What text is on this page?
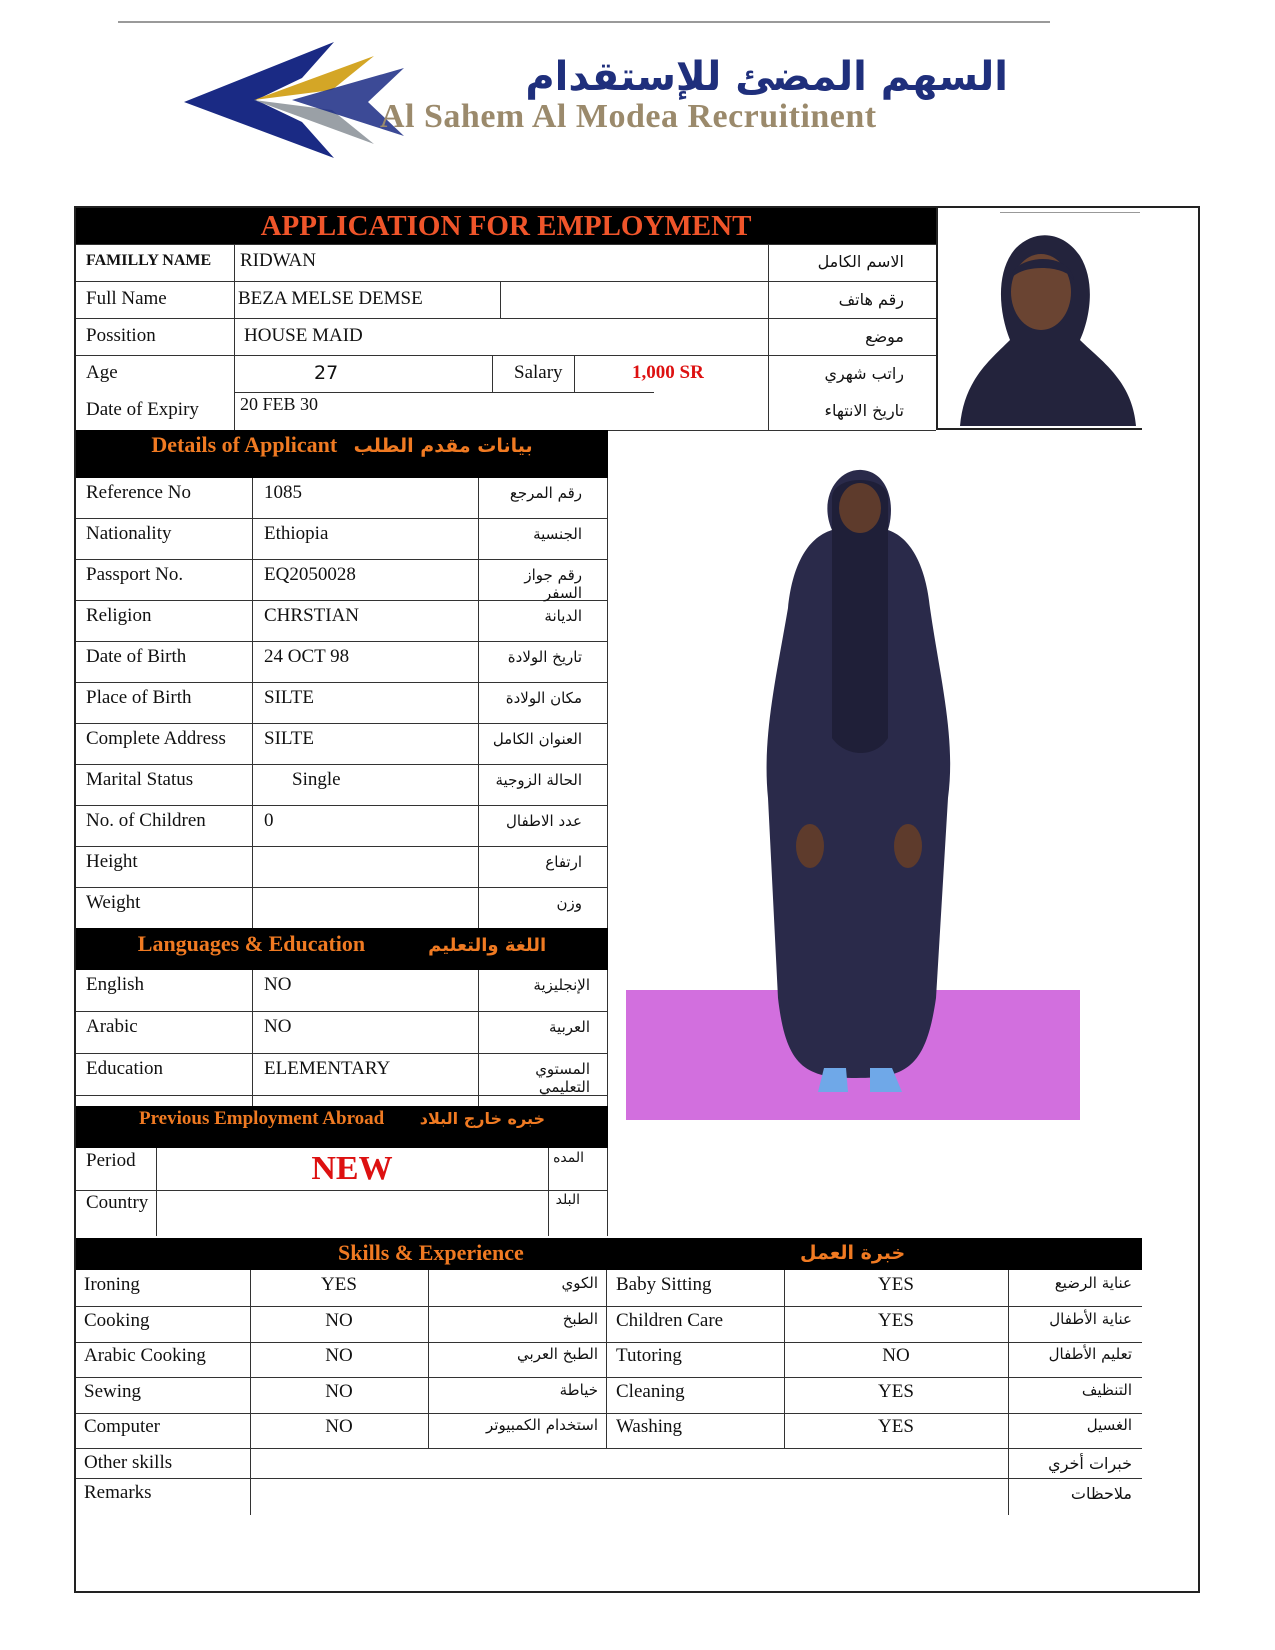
السهم المضئ للإستقدام
Al Sahem Al Modea Recruitinent
APPLICATION FOR EMPLOYMENT
FAMILLY NAME RIDWAN	الاسم الكامل
Full Name	BEZA MELSE DEMSE	رقم هاتف
Possition	HOUSE MAID	موضع
Age	27	Salary	1,000 SR	راتب شهري
Date of Expiry 20 FEB 30	تاريخ الانتهاء
Details of Applicant بيانات مقدم الطلب
Reference No	1085	رقم المرجع
Nationality	Ethiopia	الجنسية
Passport No.	EQ2050028	رقم جواز السفر
Religion	CHRSTIAN	الديانة
Date of Birth	24 OCT 98	تاريخ الولادة
Place of Birth	SILTE	مكان الولادة
Complete Address SILTE	العنوان الكامل
Marital Status	Single	الحالة الزوجية
No. of Children	0	عدد الاطفال
Height	ارتفاع
Weight	وزن
Languages & Education	اللغة والتعليم
English	NO	الإنجليزية
Arabic	NO	العربية
Education	ELEMENTARY	المستوي التعليمي
Previous Employment Abroad خبره خارج البلاد
Period	NEW	المده
Country	البلد
Skills & Experience	خبرة العمل
Ironing	YES	الكوي Baby Sitting	YES	عناية الرضيع
Cooking	NO	الطبخ Children Care	YES	عناية الأطفال
Arabic Cooking	NO	الطبخ العربي Tutoring	NO	تعليم الأطفال
Sewing	NO	خياطة Cleaning	YES	التنظيف
Computer	NO	استخدام الكمبيوتر Washing	YES	الغسيل
Other skills	خبرات أخري
Remarks	ملاحظات
